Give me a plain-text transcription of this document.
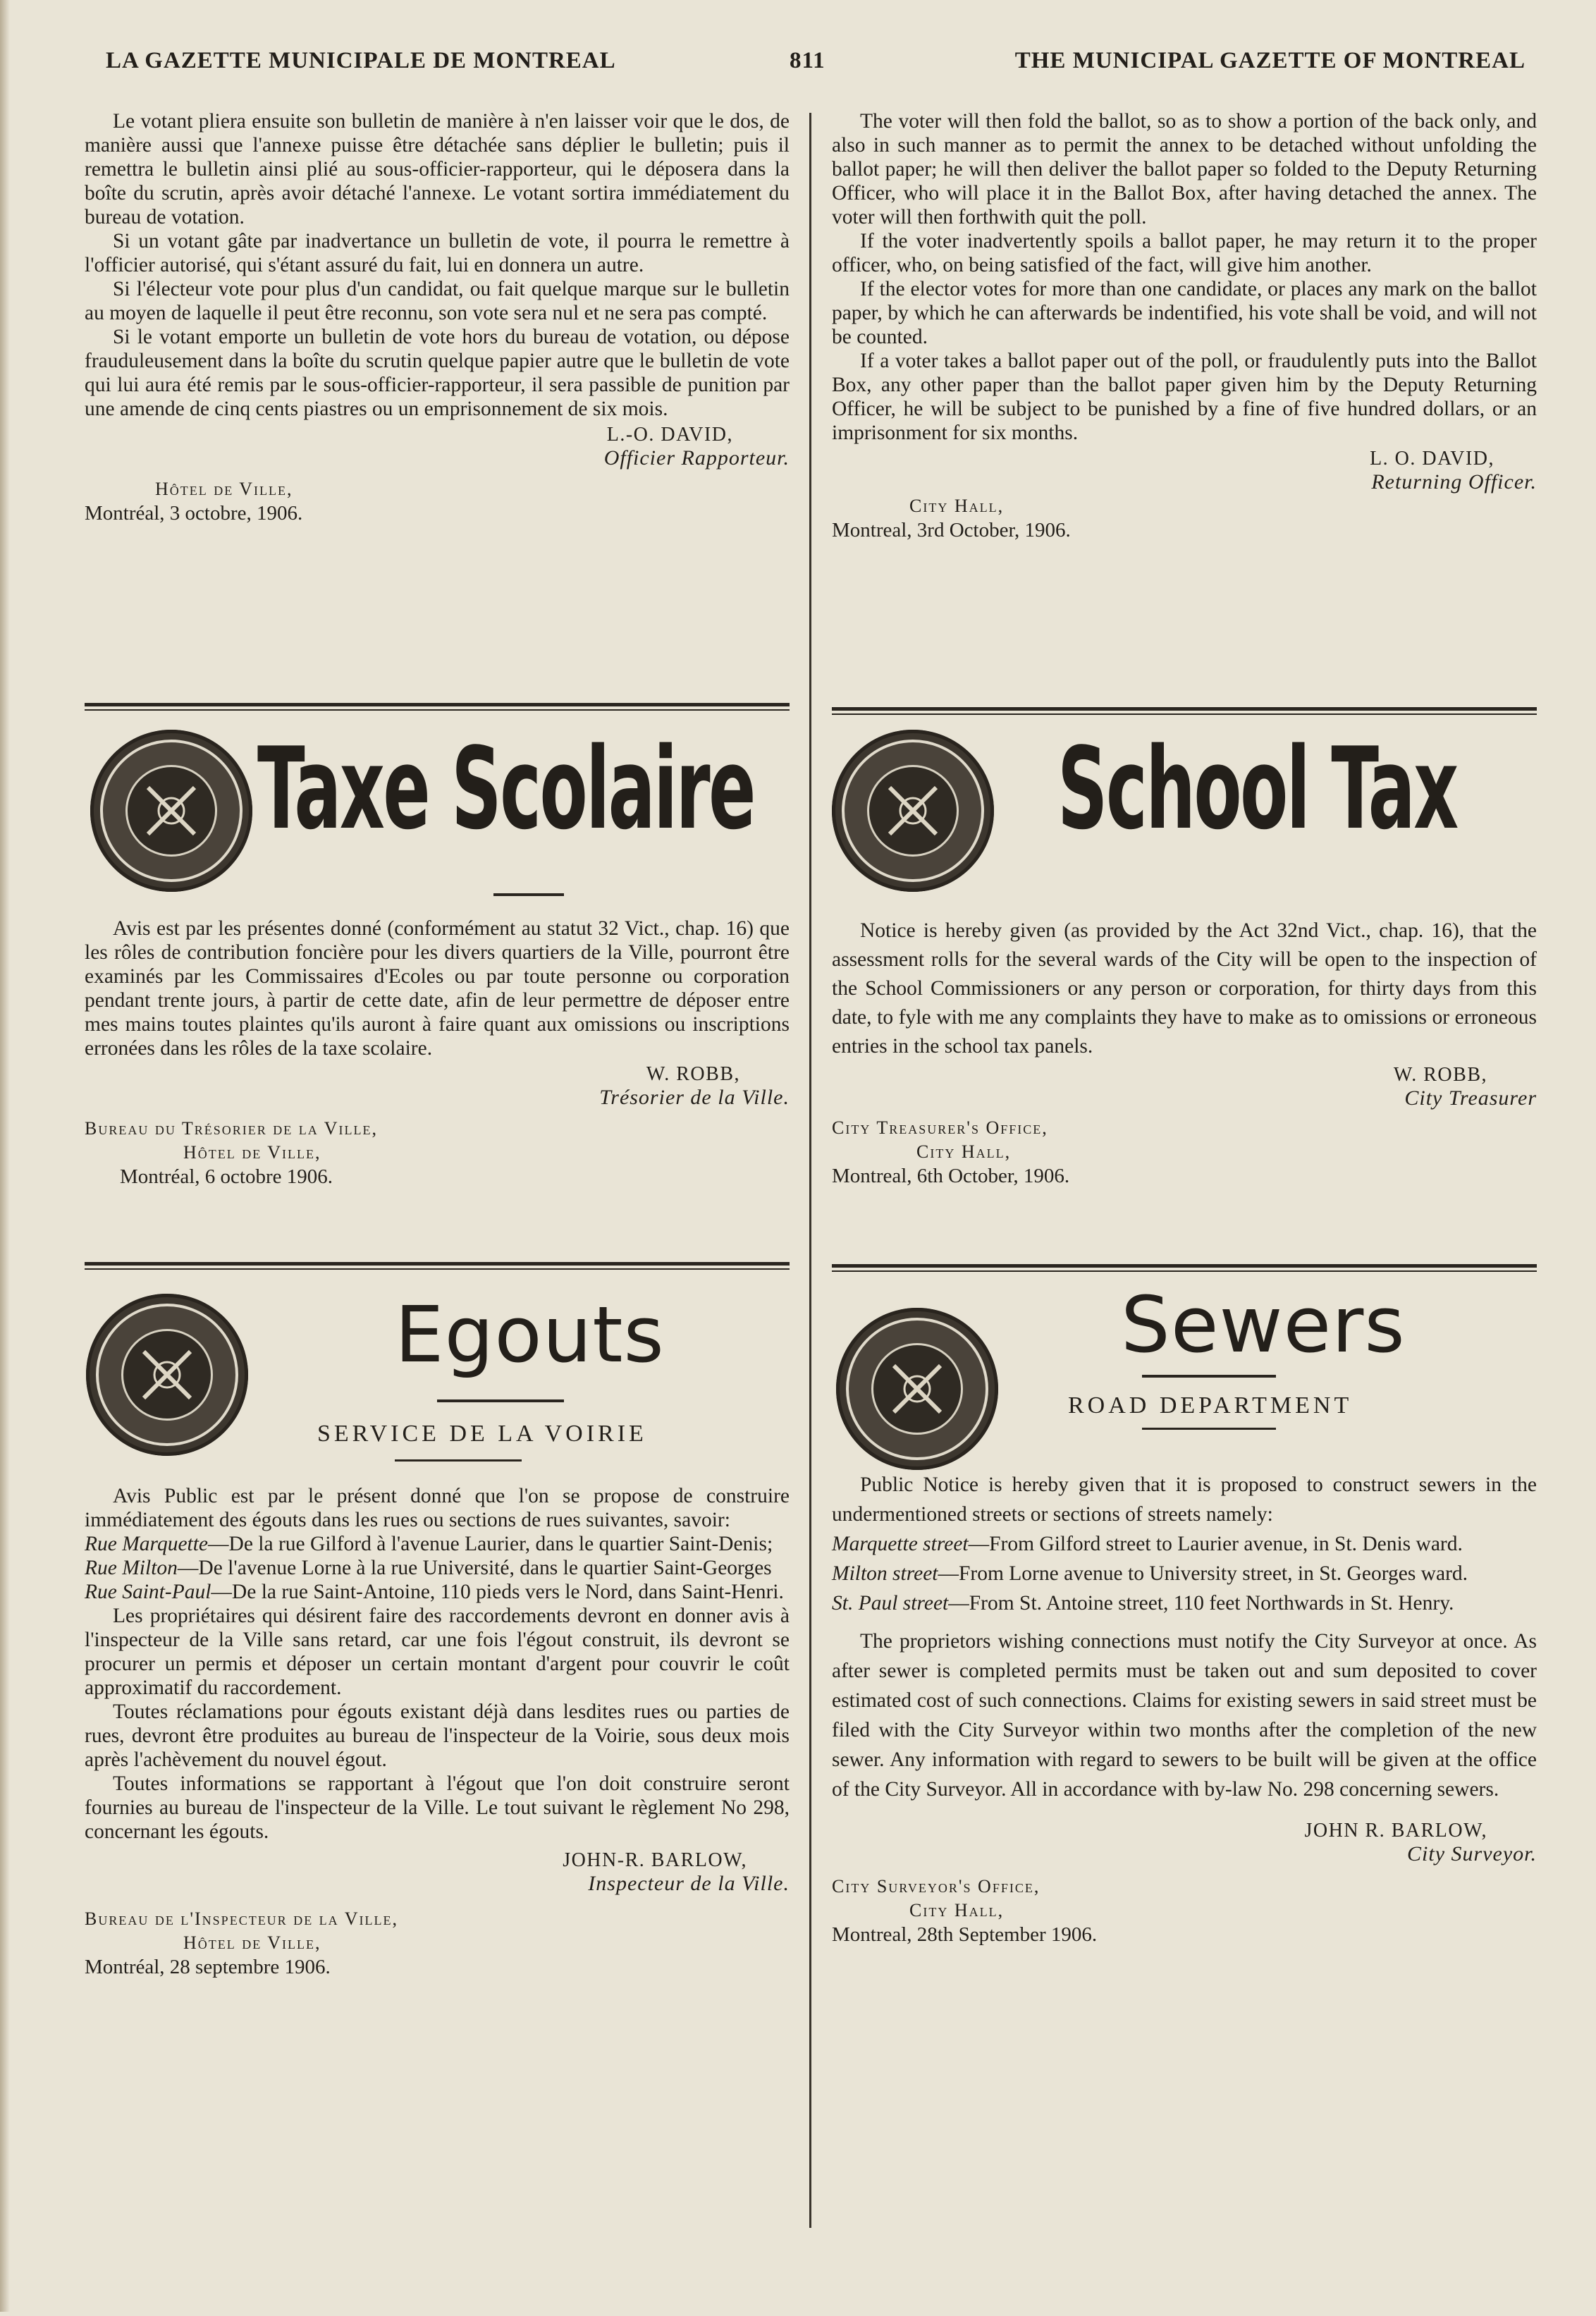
LA GAZETTE MUNICIPALE DE MONTREAL	811	THE MUNICIPAL GAZETTE OF MONTREAL

Le votant pliera ensuite son bulletin de manière à n'en laisser voir que le dos, de manière aussi que l'annexe puisse être détachée sans déplier le bulletin; puis il remettra le bulletin ainsi plié au sous-officier-rapporteur, qui le déposera dans la boîte du scrutin, après avoir détaché l'annexe. Le votant sortira immédiatement du bureau de votation.

Si un votant gâte par inadvertance un bulletin de vote, il pourra le remettre à l'officier autorisé, qui s'étant assuré du fait, lui en donnera un autre.

Si l'électeur vote pour plus d'un candidat, ou fait quelque marque sur le bulletin au moyen de laquelle il peut être reconnu, son vote sera nul et ne sera pas compté.

Si le votant emporte un bulletin de vote hors du bureau de votation, ou dépose frauduleusement dans la boîte du scrutin quelque papier autre que le bulletin de vote qui lui aura été remis par le sous-officier-rapporteur, il sera passible de punition par une amende de cinq cents piastres ou un emprisonnement de six mois.

L.-O. DAVID,
Officier Rapporteur.
Hôtel de Ville,
Montréal, 3 octobre, 1906.
Taxe Scolaire

Avis est par les présentes donné (conformément au statut 32 Vict., chap. 16) que les rôles de contribution foncière pour les divers quartiers de la Ville, pourront être examinés par les Commissaires d'Ecoles ou par toute personne ou corporation pendant trente jours, à partir de cette date, afin de leur permettre de déposer entre mes mains toutes plaintes qu'ils auront à faire quant aux omissions ou inscriptions erronées dans les rôles de la taxe scolaire.

W. ROBB,
Trésorier de la Ville.
Bureau du Trésorier de la Ville,
Hôtel de Ville,
Montréal, 6 octobre 1906.
Egouts
SERVICE DE LA VOIRIE

Avis Public est par le présent donné que l'on se propose de construire immédiatement des égouts dans les rues ou sections de rues suivantes, savoir:

Rue Marquette—De la rue Gilford à l'avenue Laurier, dans le quartier Saint-Denis;

Rue Milton—De l'avenue Lorne à la rue Université, dans le quartier Saint-Georges

Rue Saint-Paul—De la rue Saint-Antoine, 110 pieds vers le Nord, dans Saint-Henri.

Les propriétaires qui désirent faire des raccordements devront en donner avis à l'inspecteur de la Ville sans retard, car une fois l'égout construit, ils devront se procurer un permis et déposer un certain montant d'argent pour couvrir le coût approximatif du raccordement.

Toutes réclamations pour égouts existant déjà dans lesdites rues ou parties de rues, devront être produites au bureau de l'inspecteur de la Voirie, sous deux mois après l'achèvement du nouvel égout.

Toutes informations se rapportant à l'égout que l'on doit construire seront fournies au bureau de l'inspecteur de la Ville. Le tout suivant le règlement No 298, concernant les égouts.

JOHN-R. BARLOW,
Inspecteur de la Ville.
Bureau de l'Inspecteur de la Ville,
Hôtel de Ville,
Montréal, 28 septembre 1906.

The voter will then fold the ballot, so as to show a portion of the back only, and also in such manner as to permit the annex to be detached without unfolding the ballot paper; he will then deliver the ballot paper so folded to the Deputy Returning Officer, who will place it in the Ballot Box, after having detached the annex. The voter will then forthwith quit the poll.

If the voter inadvertently spoils a ballot paper, he may return it to the proper officer, who, on being satisfied of the fact, will give him another.

If the elector votes for more than one candidate, or places any mark on the ballot paper, by which he can afterwards be indentified, his vote shall be void, and will not be counted.

If a voter takes a ballot paper out of the poll, or fraudulently puts into the Ballot Box, any other paper than the ballot paper given him by the Deputy Returning Officer, he will be subject to be punished by a fine of five hundred dollars, or an imprisonment for six months.

L. O. DAVID,
Returning Officer.
City Hall,
Montreal, 3rd October, 1906.
School Tax

Notice is hereby given (as provided by the Act 32nd Vict., chap. 16), that the assessment rolls for the several wards of the City will be open to the inspection of the School Commissioners or any person or corporation, for thirty days from this date, to fyle with me any complaints they have to make as to omissions or erroneous entries in the school tax panels.

W. ROBB,
City Treasurer
City Treasurer's Office,
City Hall,
Montreal, 6th October, 1906.
Sewers
ROAD DEPARTMENT

Public Notice is hereby given that it is proposed to construct sewers in the undermentioned streets or sections of streets namely:

Marquette street—From Gilford street to Laurier avenue, in St. Denis ward.

Milton street—From Lorne avenue to University street, in St. Georges ward.

St. Paul street—From St. Antoine street, 110 feet Northwards in St. Henry.

The proprietors wishing connections must notify the City Surveyor at once. As after sewer is completed permits must be taken out and sum deposited to cover estimated cost of such connections. Claims for existing sewers in said street must be filed with the City Surveyor within two months after the completion of the new sewer. Any information with regard to sewers to be built will be given at the office of the City Surveyor. All in accordance with by-law No. 298 concerning sewers.

JOHN R. BARLOW,
City Surveyor.
City Surveyor's Office,
City Hall,
Montreal, 28th September 1906.
